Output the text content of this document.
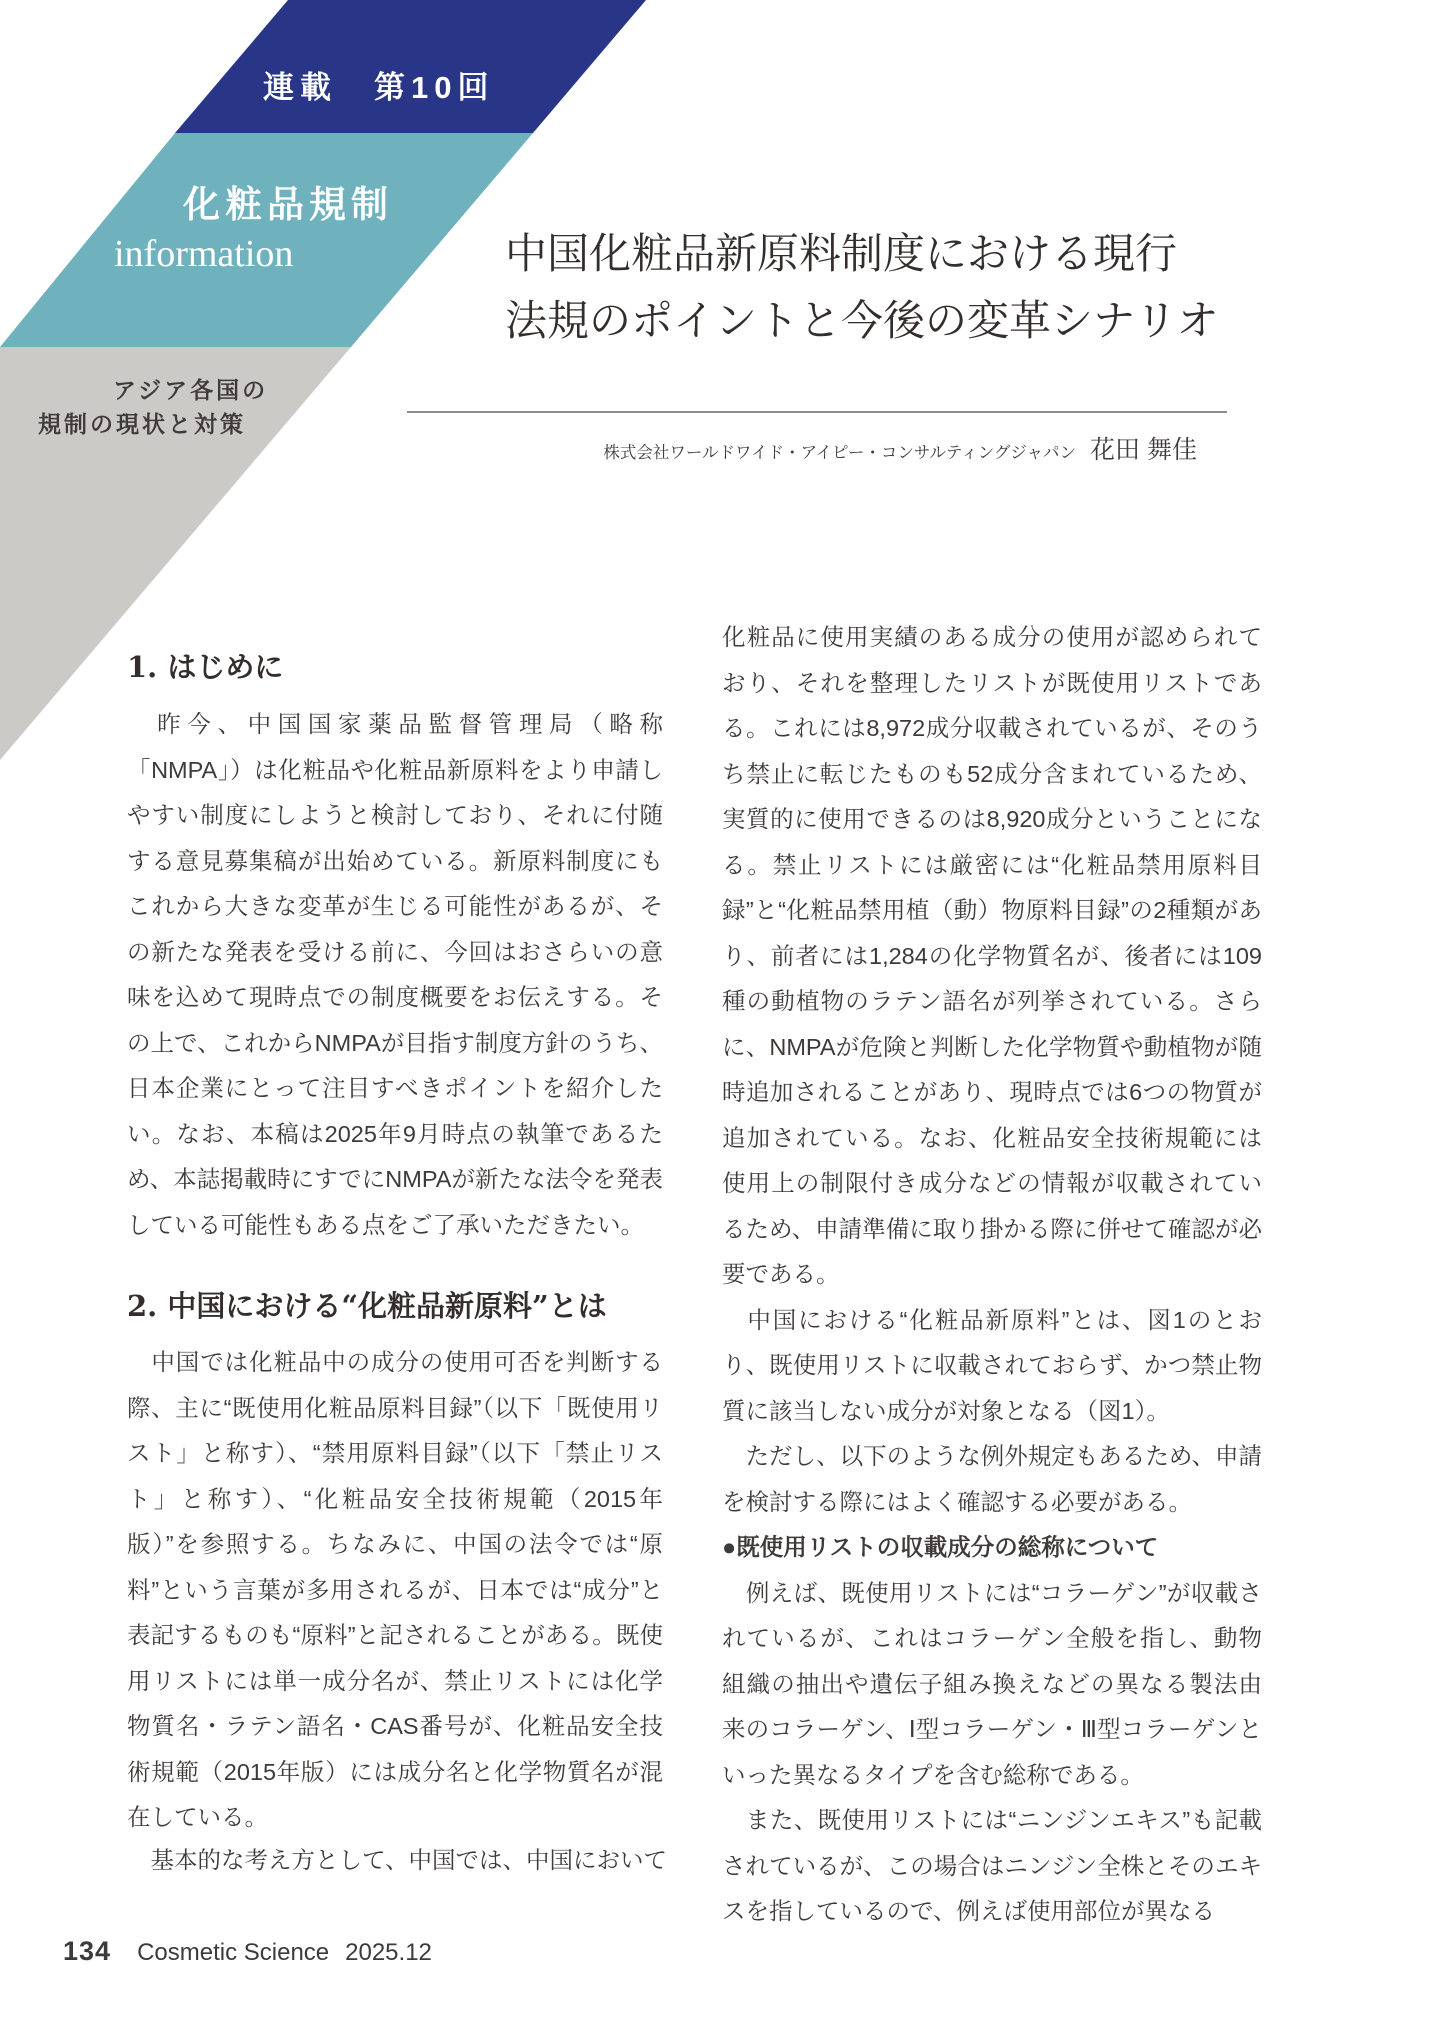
連載　第10回
化粧品規制
information
アジア各国の
規制の現状と対策
中国化粧品新原料制度における現行
法規のポイントと今後の変革シナリオ
株式会社ワールドワイド・アイピー・コンサルティングジャパン 花田 舞佳
1. はじめに

　昨今、中国国家薬品監督管理局（略称「NMPA」）は化粧品や化粧品新原料をより申請しやすい制度にしようと検討しており、それに付随する意見募集稿が出始めている。新原料制度にもこれから大きな変革が生じる可能性があるが、その新たな発表を受ける前に、今回はおさらいの意味を込めて現時点での制度概要をお伝えする。その上で、これからNMPAが目指す制度方針のうち、日本企業にとって注目すべきポイントを紹介したい。なお、本稿は2025年9月時点の執筆であるため、本誌掲載時にすでにNMPAが新たな法令を発表している可能性もある点をご了承いただきたい。

2. 中国における“化粧品新原料”とは

　中国では化粧品中の成分の使用可否を判断する際、主に“既使用化粧品原料目録”（以下「既使用リスト」と称す）、“禁用原料目録”（以下「禁止リスト」と称す）、“化粧品安全技術規範（2015年版）”を参照する。ちなみに、中国の法令では“原料”という言葉が多用されるが、日本では“成分”と表記するものも“原料”と記されることがある。既使用リストには単一成分名が、禁止リストには化学物質名・ラテン語名・CAS番号が、化粧品安全技術規範（2015年版）には成分名と化学物質名が混在している。

　基本的な考え方として、中国では、中国において

化粧品に使用実績のある成分の使用が認められており、それを整理したリストが既使用リストである。これには8,972成分収載されているが、そのうち禁止に転じたものも52成分含まれているため、実質的に使用できるのは8,920成分ということになる。禁止リストには厳密には“化粧品禁用原料目録”と“化粧品禁用植（動）物原料目録”の2種類があり、前者には1,284の化学物質名が、後者には109種の動植物のラテン語名が列挙されている。さらに、NMPAが危険と判断した化学物質や動植物が随時追加されることがあり、現時点では6つの物質が追加されている。なお、化粧品安全技術規範には使用上の制限付き成分などの情報が収載されているため、申請準備に取り掛かる際に併せて確認が必要である。

　中国における“化粧品新原料”とは、図1のとおり、既使用リストに収載されておらず、かつ禁止物質に該当しない成分が対象となる（図1）。

　ただし、以下のような例外規定もあるため、申請を検討する際にはよく確認する必要がある。

●既使用リストの収載成分の総称について

　例えば、既使用リストには“コラーゲン”が収載されているが、これはコラーゲン全般を指し、動物組織の抽出や遺伝子組み換えなどの異なる製法由来のコラーゲン、Ⅰ型コラーゲン・Ⅲ型コラーゲンといった異なるタイプを含む総称である。

　また、既使用リストには“ニンジンエキス”も記載されているが、この場合はニンジン全株とそのエキスを指しているので、例えば使用部位が異なる

134 Cosmetic Science 2025.12
